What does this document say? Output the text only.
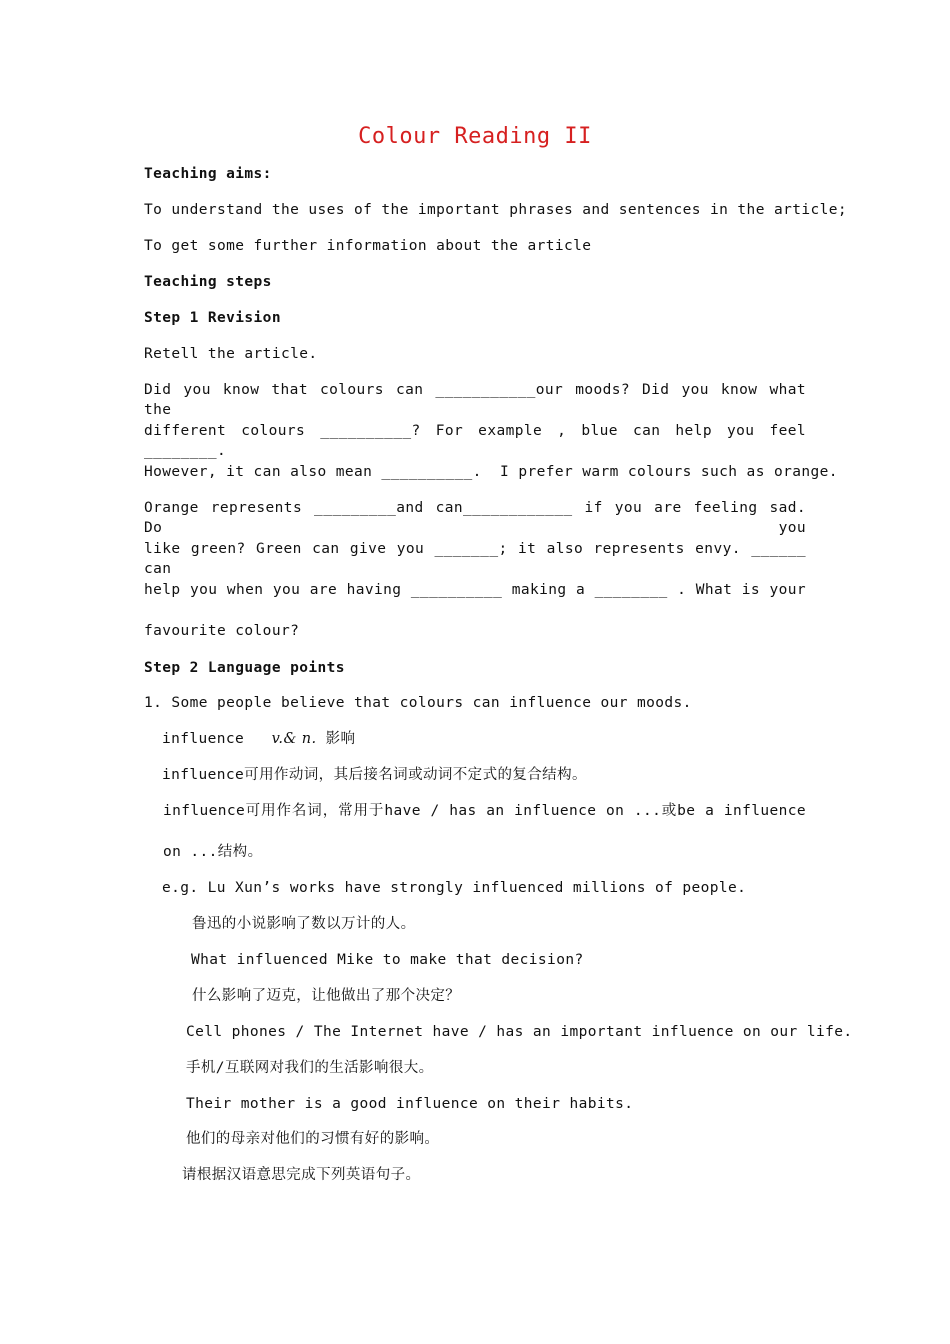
Colour Reading II
Teaching aims:
To understand the uses of the important phrases and sentences in the article;
To get some further information about the article
Teaching steps
Step 1 Revision
Retell the article.
Did you know that colours can ___________our moods? Did you know what the
different colours __________? For example , blue can help you feel ________.
However, it can also mean __________.  I prefer warm colours such as orange.
Orange represents _________and can____________ if you are feeling sad. Do you
like green? Green can give you _______; it also represents envy. ______ can
help you when you are having __________ making a ________ . What is your
favourite colour?
Step 2 Language points
1. Some people believe that colours can influence our moods.
influence v.& n. 影响
influence可用作动词，其后接名词或动词不定式的复合结构。
influence可用作名词，常用于have / has an influence on ...或be a influence
on ...结构。
e.g. Lu Xun’s works have strongly influenced millions of people.
鲁迅的小说影响了数以万计的人。
What influenced Mike to make that decision?
什么影响了迈克，让他做出了那个决定？
Cell phones / The Internet have / has an important influence on our life.
手机/互联网对我们的生活影响很大。
Their mother is a good influence on their habits.
他们的母亲对他们的习惯有好的影响。
请根据汉语意思完成下列英语句子。
